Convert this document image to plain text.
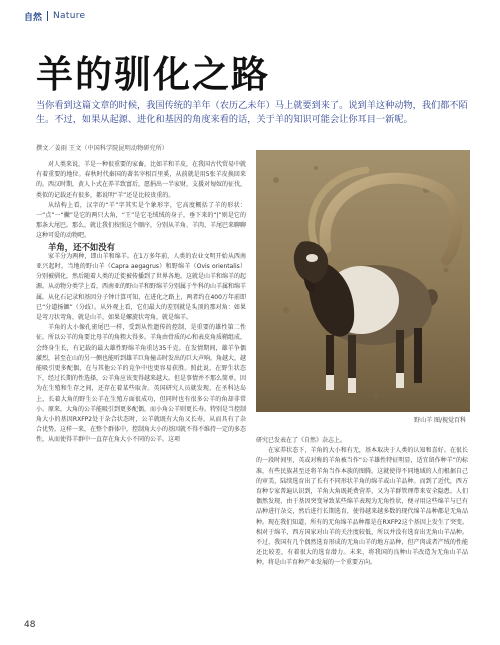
自然 Nature
羊的驯化之路
当你看到这篇文章的时候，我国传统的羊年（农历乙未年）马上就要到来了。说到羊这种动物，我们都不陌生。不过，如果从起源、进化和基因的角度来看的话，关于羊的知识可能会让你耳目一新呢。
撰文／姜雨 王文（中国科学院昆明动物研究所）

对人类来说，羊是一种很重要的家畜，比如羊和羊皮，在我国古代贸易中就有着重要的地位。春秋时代秦国的著名宰相百里奚，从前就是用5张羊皮换回来的。西汉时期，黄人卜式在养羊致富后，愿捐出一半家财，支援对匈奴的征伐，类似的记载还有很多，都说明“羊”还是比较贵重的。

从结构上看，汉字的“羊”字其实是个象形字，它高度概括了羊的形状：一“点”一“撇”是它的两只大角，“王”是它毛绒绒的身子，垂下来的“|”则是它的那条大尾巴。那么，就让我们按照这个顺序，分别从羊角、羊肉、羊尾巴来聊聊这种可爱的动物吧。

羊角，还不如没有

家羊分为两种，即山羊和绵羊。在1万多年前，人类的农业文明开始从西南亚兴起时，当地的野山羊（Capra aegagrus）和野绵羊（Ovis orientalis）分别被驯化，然后随着人类的迁徙被传播到了世界各地。这就是山羊和绵羊的起源。从动物分类学上看，西南亚的野山羊和野绵羊分别属于牛科的山羊属和绵羊属。从化石记录和基因分子钟计算可知，在进化之路上，两者约在400万年前即已“分道扬镳”（分歧）。从外观上看，它们最大的差别就是头顶的那对角：如果是弯刀状弯角，就是山羊，如果是螺旋状弯角，就是绵羊。

羊角的大小像孔雀尾巴一样，受到从性遗传的控制，是重要的雄性第二性征。所以公羊的角要比母羊的角粗大得多。羊角由骨质的心和表皮角质鞘组成，会终身生长，有记载的最大雄性野绵羊角重达35千克。在发情期间，雄羊争偶激烈，甚至在山的另一侧也能听到雄羊巨角撞击时发出的巨大声响。角越大，越能吸引更多配偶，在与其他公羊的竞争中也更容易获胜。照此说，在野生状态下，经过长期的性选择，公羊角应该变得越来越大。但是事情并不那么简单，因为在生殖和生存之间，还存在着某些取舍。英国研究人员就发现，在圣科达岛上，长着大角的野生公羊在生殖方面很成功，但同时也有很多公羊的角却非常小。原来，大角的公羊能吸引到更多配偶，而小角公羊则更长寿。特别是当控制角大小的基因RXFP2处于杂合状态时，公羊就既有大角又长寿，从而具有了杂合优势。这样一来，在整个群体中，控制角大小的基因就不得不维持一定的多态性，从而使得羊群中一直存在角大小不同的公羊。这项

野山羊 图/视觉百科

研究已发表在了《自然》杂志上。

在家养状态下，羊角的大小和有无，基本取决于人类的认知和喜好。在很长的一段时间里，英或对称的羊角被当作“公羊雄性特征明显，适宜留作种羊”的标准，有些民族甚至还将羊角当作本族的图腾。这就使得不同地域的人们根据自己的审美，陆续选育出了长有不同形状羊角的绵羊或山羊品种。而到了近代，西方育种专家普遍认识到，羊角大角既耗费营养，又为羊群管理带来安全隐患。人们偶然发现，由于基因突变导致某些绵羊表现为无角性状，便寻用这些绵羊与已有品种进行杂交，然后进行长期选育，使得越来越多数的现代绵羊品种都是无角品种。现在我们知道，所有的无角绵羊品种都是在RXFP2这个基因上发生了突变。相对于绵羊，西方国家对山羊的关注度较低，所以并没有选育出无角山羊品种。不过，我国有几个偶然选育形成的无角山羊的地方品种，但产肉或者产绒的性能还比较差，有着很大的选育潜力。未来，将我国的良种山羊改造为无角山羊品种，将是山羊育种产业发展的一个重要方向。

48
